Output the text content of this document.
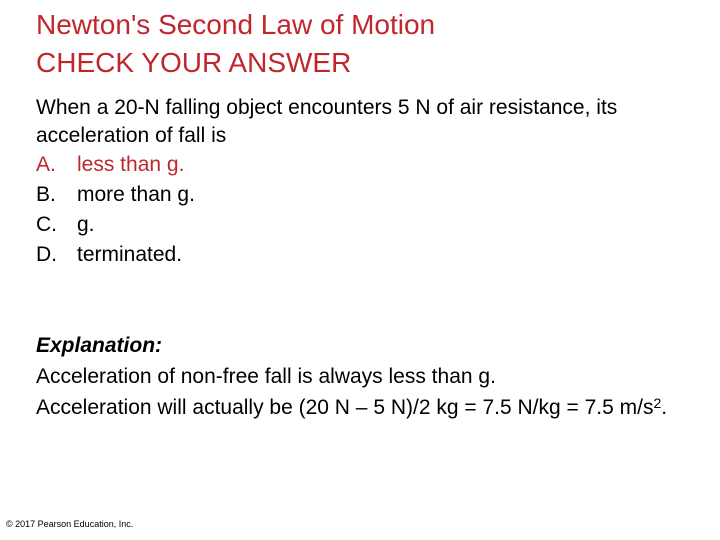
Newton's Second Law of Motion
CHECK YOUR ANSWER

When a 20-N falling object encounters 5 N of air resistance, its acceleration of fall is

A.	less than g.
B.	more than g.
C. g.
D. terminated.

Explanation:

Acceleration of non-free fall is always less than g.

Acceleration will actually be (20 N – 5 N)/2 kg = 7.5 N/kg = 7.5 $m/s^2$.

© 2017 Pearson Education, Inc.
